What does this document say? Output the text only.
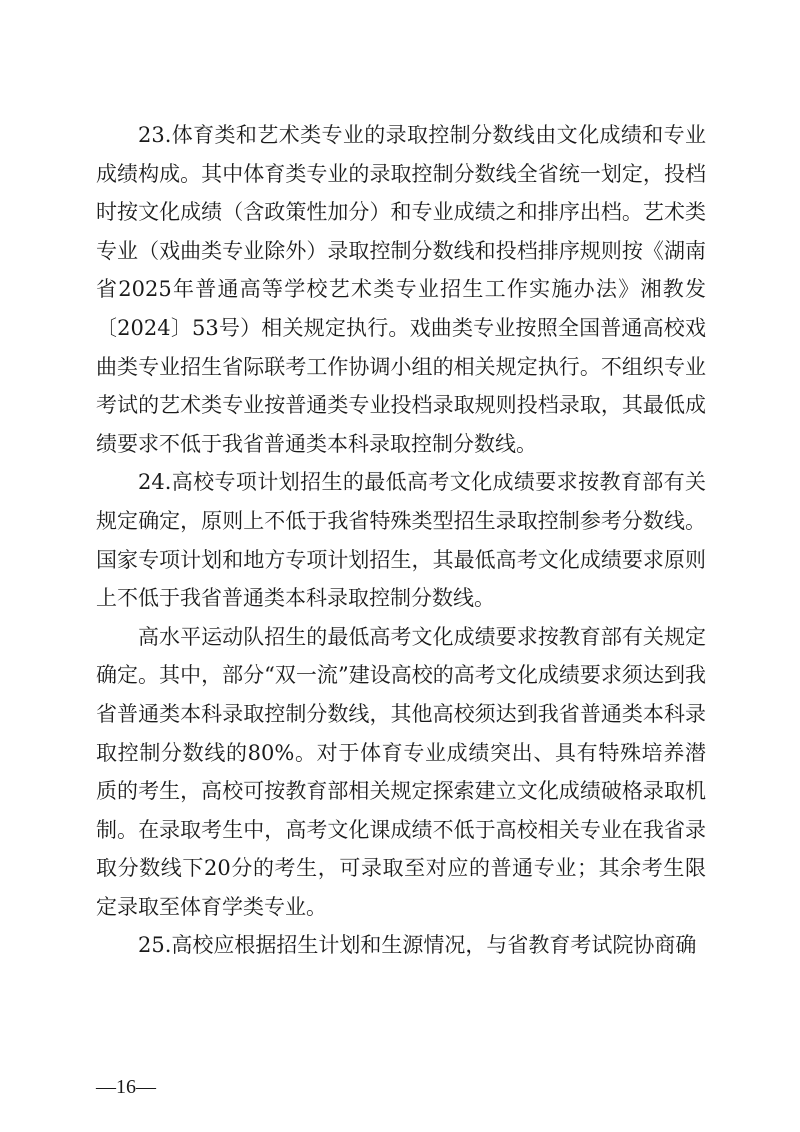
23.体育类和艺术类专业的录取控制分数线由文化成绩和专业成绩构成。其中体育类专业的录取控制分数线全省统一划定，投档时按文化成绩（含政策性加分）和专业成绩之和排序出档。艺术类专业（戏曲类专业除外）录取控制分数线和投档排序规则按《湖南省2025年普通高等学校艺术类专业招生工作实施办法》湘教发〔2024〕53号）相关规定执行。戏曲类专业按照全国普通高校戏曲类专业招生省际联考工作协调小组的相关规定执行。不组织专业考试的艺术类专业按普通类专业投档录取规则投档录取，其最低成绩要求不低于我省普通类本科录取控制分数线。

24.高校专项计划招生的最低高考文化成绩要求按教育部有关规定确定，原则上不低于我省特殊类型招生录取控制参考分数线。国家专项计划和地方专项计划招生，其最低高考文化成绩要求原则上不低于我省普通类本科录取控制分数线。

高水平运动队招生的最低高考文化成绩要求按教育部有关规定确定。其中，部分“双一流”建设高校的高考文化成绩要求须达到我省普通类本科录取控制分数线，其他高校须达到我省普通类本科录取控制分数线的80%。对于体育专业成绩突出、具有特殊培养潜质的考生，高校可按教育部相关规定探索建立文化成绩破格录取机制。在录取考生中，高考文化课成绩不低于高校相关专业在我省录取分数线下20分的考生，可录取至对应的普通专业；其余考生限定录取至体育学类专业。

25.高校应根据招生计划和生源情况，与省教育考试院协商确

—16—
